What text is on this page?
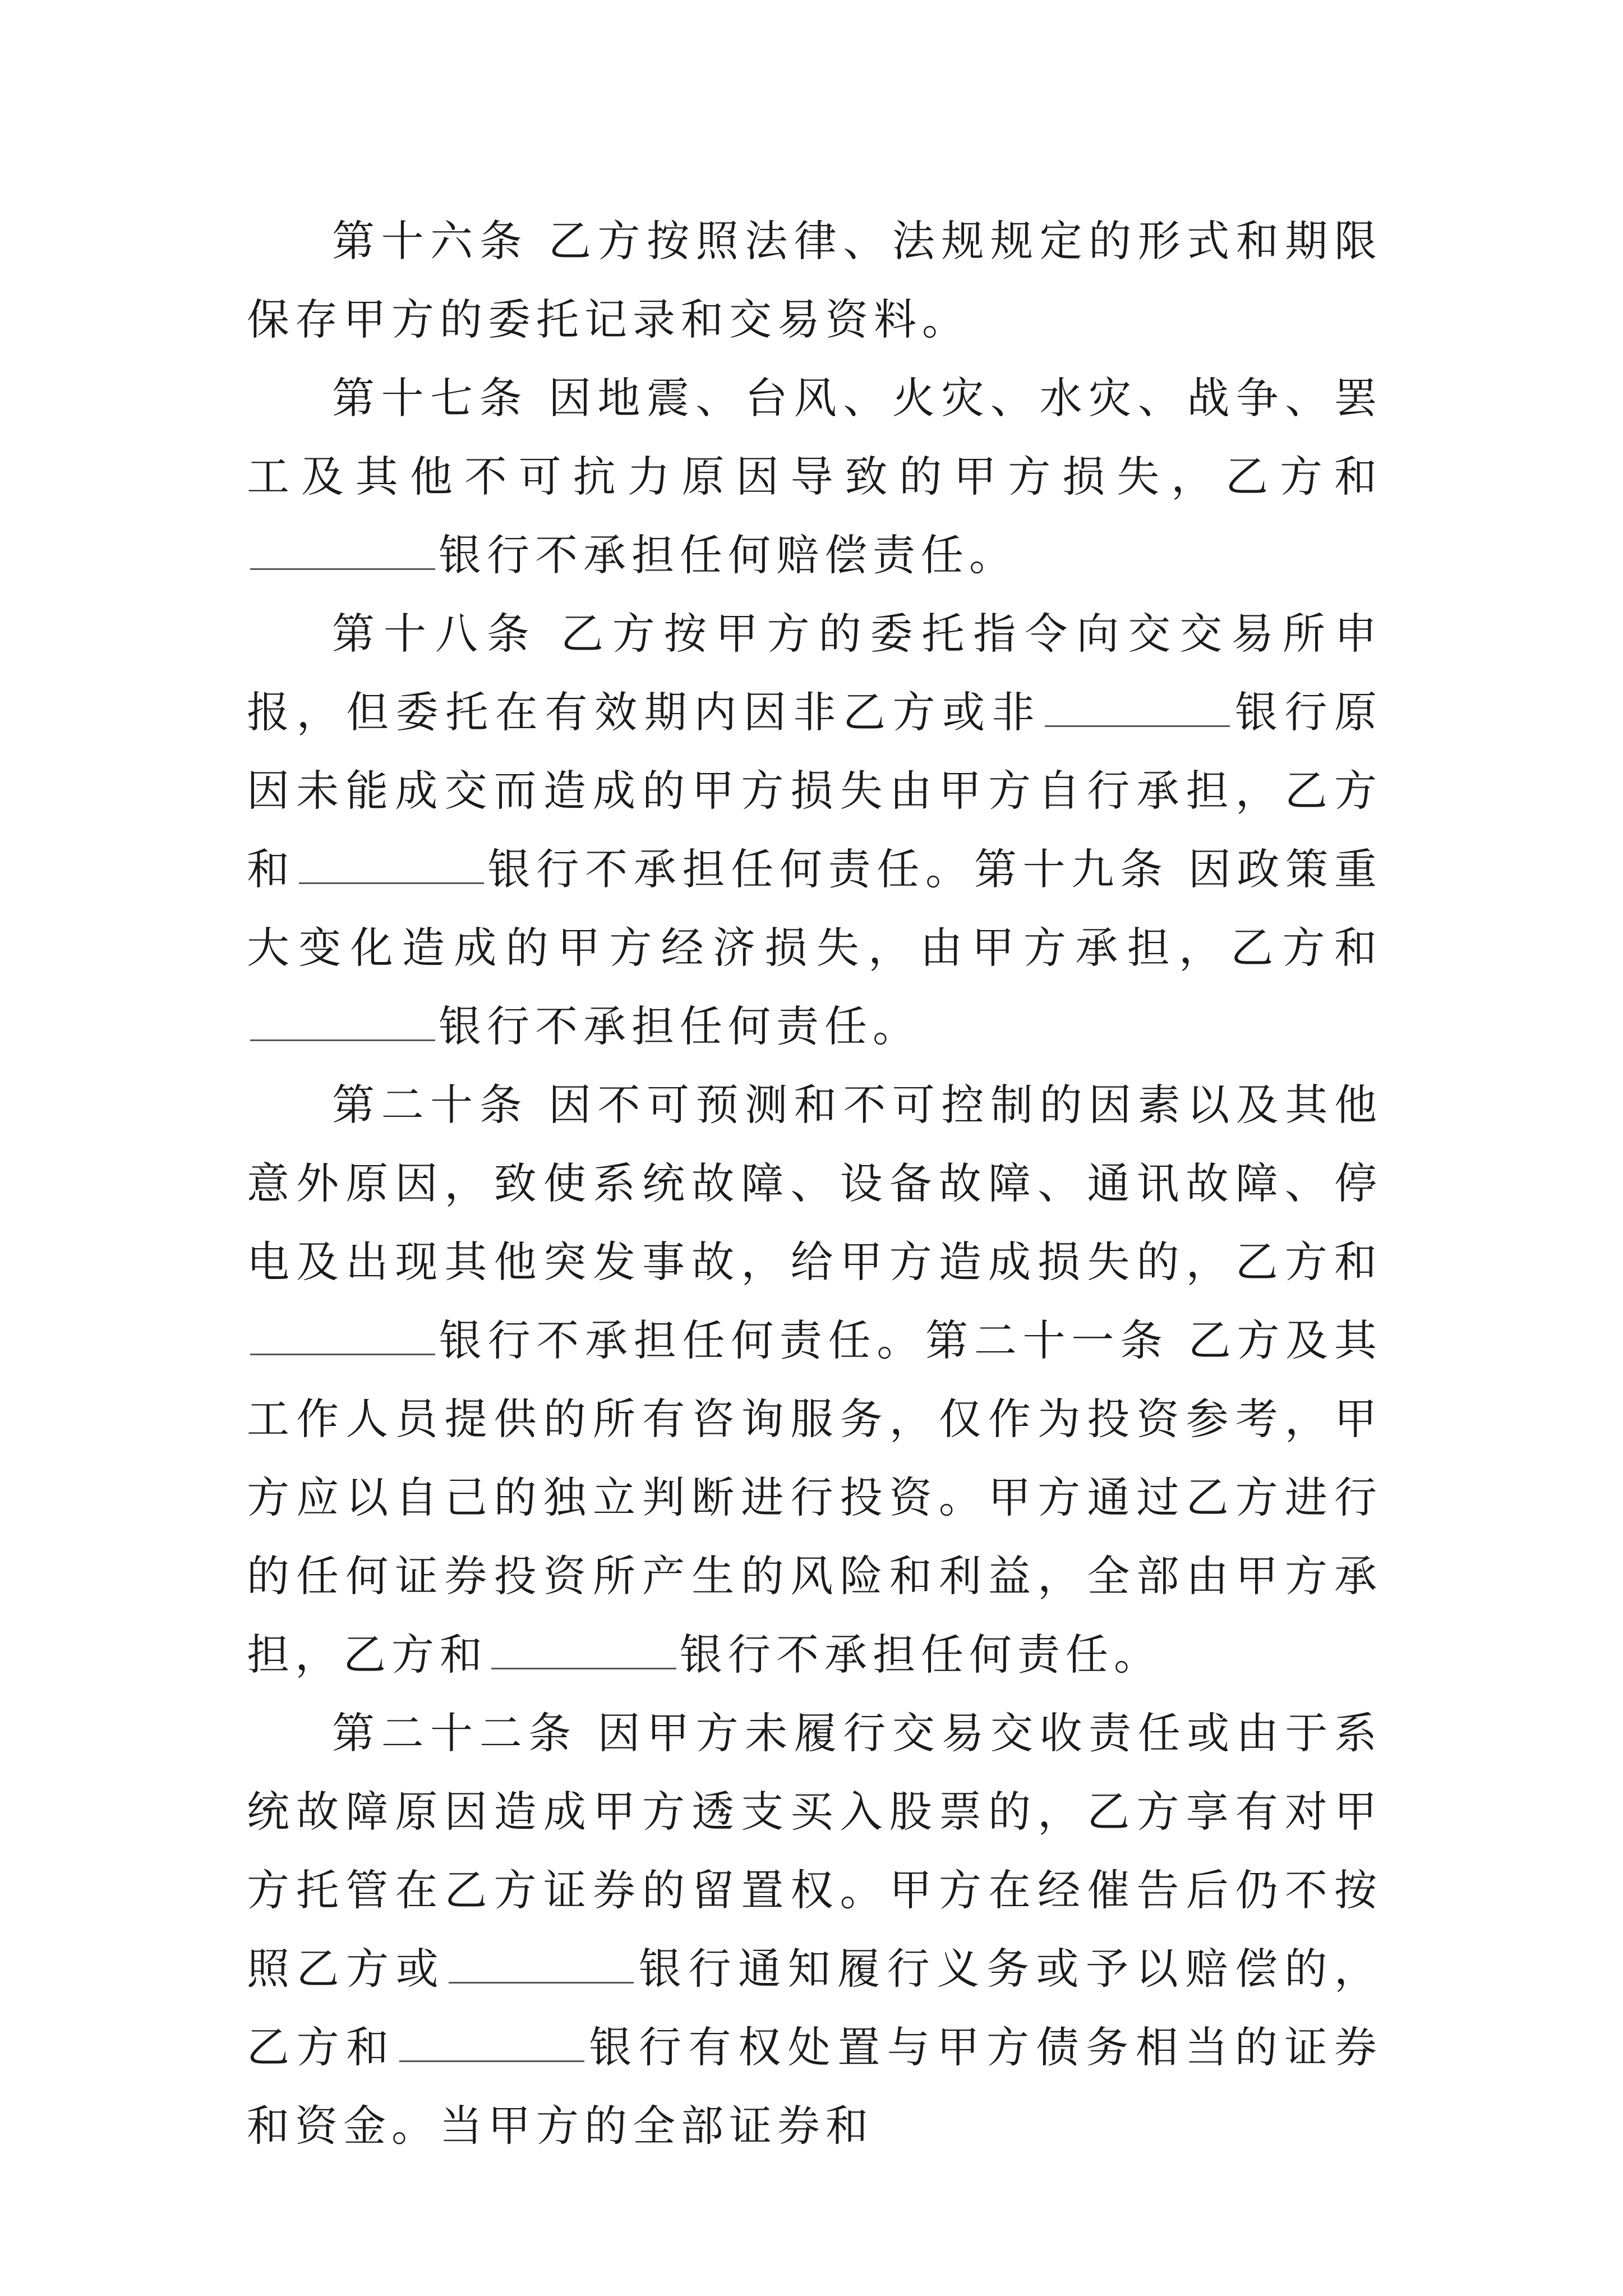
第十六条 乙方按照法律、法规规定的形式和期限保存甲方的委托记录和交易资料。

第十七条 因地震、台风、火灾、水灾、战争、罢工及其他不可抗力原因导致的甲方损失，乙方和银行不承担任何赔偿责任。

第十八条 乙方按甲方的委托指令向交交易所申报，但委托在有效期内因非乙方或非	银行原因未能成交而造成的甲方损失由甲方自行承担，乙方和	银行不承担任何责任。第十九条 因政策重大变化造成的甲方经济损失，由甲方承担，乙方和银行不承担任何责任。

第二十条 因不可预测和不可控制的因素以及其他意外原因，致使系统故障、设备故障、通讯故障、停电及出现其他突发事故，给甲方造成损失的，乙方和银行不承担任何责任。第二十一条 乙方及其工作人员提供的所有咨询服务，仅作为投资参考，甲方应以自己的独立判断进行投资。甲方通过乙方进行的任何证券投资所产生的风险和利益，全部由甲方承担，乙方和	银行不承担任何责任。

第二十二条 因甲方未履行交易交收责任或由于系统故障原因造成甲方透支买入股票的，乙方享有对甲方托管在乙方证券的留置权。甲方在经催告后仍不按照乙方或	银行通知履行义务或予以赔偿的，乙方和	银行有权处置与甲方债务相当的证券和资金。当甲方的全部证券和
